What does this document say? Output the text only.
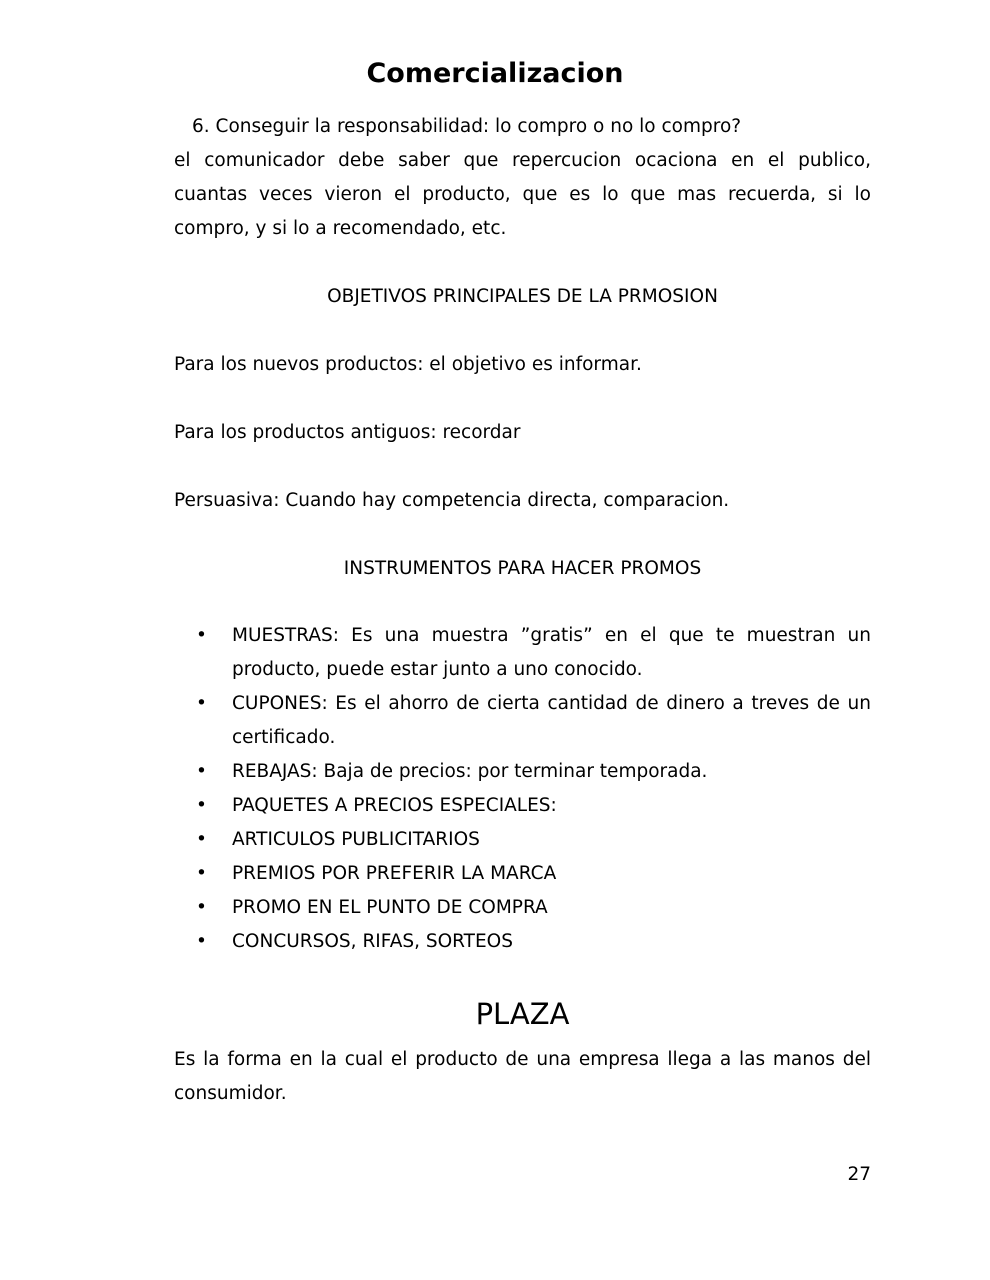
Comercializacion
6. Conseguir la responsabilidad: lo compro o no lo compro?
el comunicador debe saber que repercucion ocaciona en el publico, cuantas veces vieron el producto, que es lo que mas recuerda, si lo compro, y si lo a recomendado, etc.
OBJETIVOS PRINCIPALES DE LA PRMOSION
Para los nuevos productos: el objetivo es informar.
Para los productos antiguos: recordar
Persuasiva: Cuando hay competencia directa, comparacion.
INSTRUMENTOS PARA HACER PROMOS
• MUESTRAS: Es una muestra ”gratis” en el que te muestran un producto, puede estar junto a uno conocido.
• CUPONES: Es el ahorro de cierta cantidad de dinero a treves de un certificado.
• REBAJAS: Baja de precios: por terminar temporada.
• PAQUETES A PRECIOS ESPECIALES:
• ARTICULOS PUBLICITARIOS
• PREMIOS POR PREFERIR LA MARCA
• PROMO EN EL PUNTO DE COMPRA
• CONCURSOS, RIFAS, SORTEOS
PLAZA
Es la forma en la cual el producto de una empresa llega a las manos del consumidor.
27
